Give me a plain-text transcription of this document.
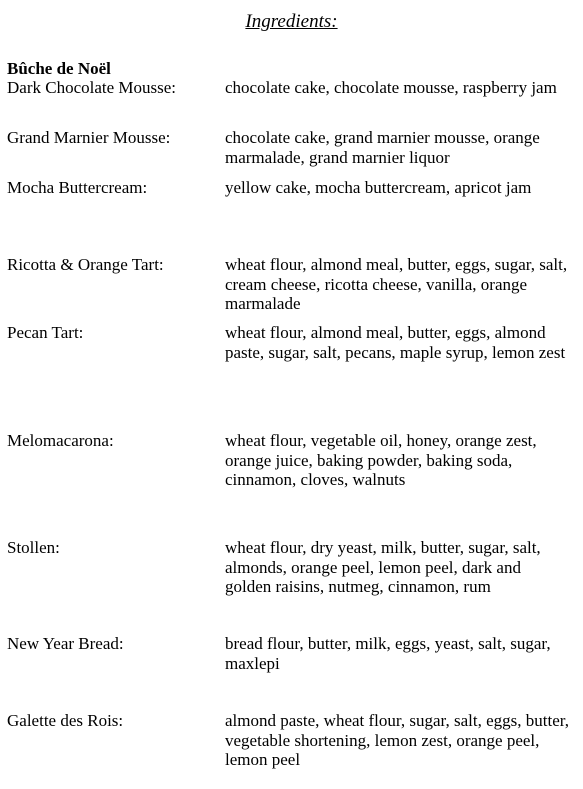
Ingredients:
Bûche de Noël
Dark Chocolate Mousse:	chocolate cake, chocolate mousse, raspberry jam
Grand Marnier Mousse:	chocolate cake, grand marnier mousse, orange marmalade, grand marnier liquor
Mocha Buttercream:	yellow cake, mocha buttercream, apricot jam
Ricotta & Orange Tart:	wheat flour, almond meal, butter, eggs, sugar, salt, cream cheese, ricotta cheese, vanilla, orange marmalade
Pecan Tart:	wheat flour, almond meal, butter, eggs, almond paste, sugar, salt, pecans, maple syrup, lemon zest
Melomacarona:	wheat flour, vegetable oil, honey, orange zest, orange juice, baking powder, baking soda, cinnamon, cloves, walnuts
Stollen:	wheat flour, dry yeast, milk, butter, sugar, salt, almonds, orange peel, lemon peel, dark and golden raisins, nutmeg, cinnamon, rum
New Year Bread:	bread flour, butter, milk, eggs, yeast, salt, sugar, maxlepi
Galette des Rois:	almond paste, wheat flour, sugar, salt, eggs, butter, vegetable shortening, lemon zest, orange peel, lemon peel
